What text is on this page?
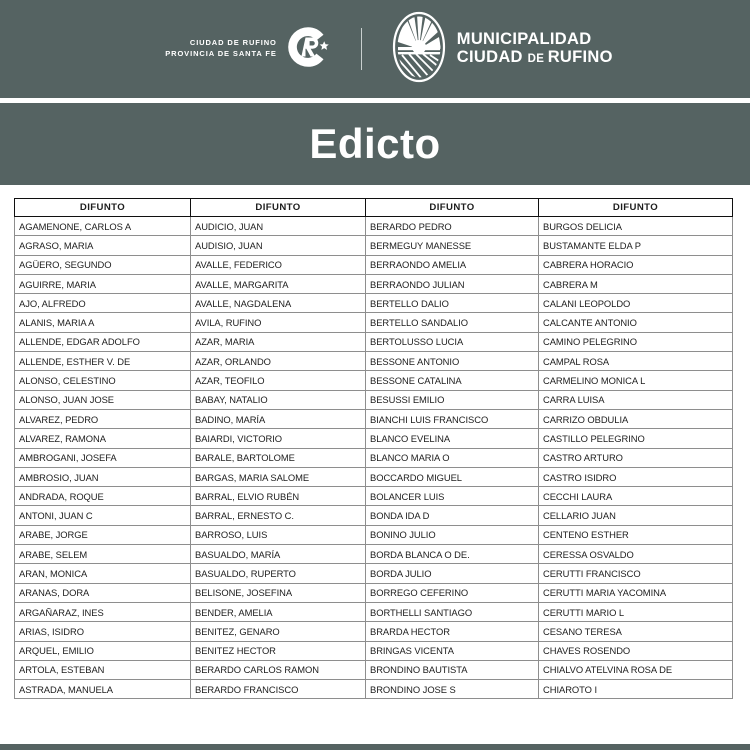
CIUDAD DE RUFINO
PROVINCIA DE SANTA FE
MUNICIPALIDAD
CIUDAD DE RUFINO
Edicto
DIFUNTO	DIFUNTO	DIFUNTO	DIFUNTO
AGAMENONE, CARLOS A	AUDICIO, JUAN	BERARDO PEDRO	BURGOS DELICIA
AGRASO, MARIA	AUDISIO, JUAN	BERMEGUY MANESSE	BUSTAMANTE ELDA P
AGÜERO, SEGUNDO	AVALLE, FEDERICO	BERRAONDO AMELIA	CABRERA HORACIO
AGUIRRE, MARIA	AVALLE, MARGARITA	BERRAONDO JULIAN	CABRERA M
AJO, ALFREDO	AVALLE, NAGDALENA	BERTELLO DALIO	CALANI LEOPOLDO
ALANIS, MARIA A	AVILA, RUFINO	BERTELLO SANDALIO	CALCANTE ANTONIO
ALLENDE, EDGAR ADOLFO	AZAR, MARIA	BERTOLUSSO LUCIA	CAMINO PELEGRINO
ALLENDE, ESTHER V. DE	AZAR, ORLANDO	BESSONE ANTONIO	CAMPAL ROSA
ALONSO, CELESTINO	AZAR, TEOFILO	BESSONE CATALINA	CARMELINO MONICA L
ALONSO, JUAN JOSE	BABAY, NATALIO	BESUSSI EMILIO	CARRA LUISA
ALVAREZ, PEDRO	BADINO, MARÍA	BIANCHI LUIS FRANCISCO	CARRIZO OBDULIA
ALVAREZ, RAMONA	BAIARDI, VICTORIO	BLANCO EVELINA	CASTILLO PELEGRINO
AMBROGANI, JOSEFA	BARALE, BARTOLOME	BLANCO MARIA O	CASTRO ARTURO
AMBROSIO, JUAN	BARGAS, MARIA SALOME	BOCCARDO MIGUEL	CASTRO ISIDRO
ANDRADA, ROQUE	BARRAL, ELVIO RUBÉN	BOLANCER LUIS	CECCHI LAURA
ANTONI, JUAN C	BARRAL, ERNESTO C.	BONDA IDA D	CELLARIO JUAN
ARABE, JORGE	BARROSO, LUIS	BONINO JULIO	CENTENO ESTHER
ARABE, SELEM	BASUALDO, MARÍA	BORDA BLANCA O DE.	CERESSA OSVALDO
ARAN, MONICA	BASUALDO, RUPERTO	BORDA JULIO	CERUTTI FRANCISCO
ARANAS, DORA	BELISONE, JOSEFINA	BORREGO CEFERINO	CERUTTI MARIA YACOMINA
ARGAÑARAZ, INES	BENDER, AMELIA	BORTHELLI SANTIAGO	CERUTTI MARIO L
ARIAS, ISIDRO	BENITEZ, GENARO	BRARDA HECTOR	CESANO TERESA
ARQUEL, EMILIO	BENITEZ HECTOR	BRINGAS VICENTA	CHAVES ROSENDO
ARTOLA, ESTEBAN	BERARDO CARLOS RAMON	BRONDINO BAUTISTA	CHIALVO ATELVINA ROSA DE
ASTRADA, MANUELA	BERARDO FRANCISCO	BRONDINO JOSE S	CHIAROTO I
